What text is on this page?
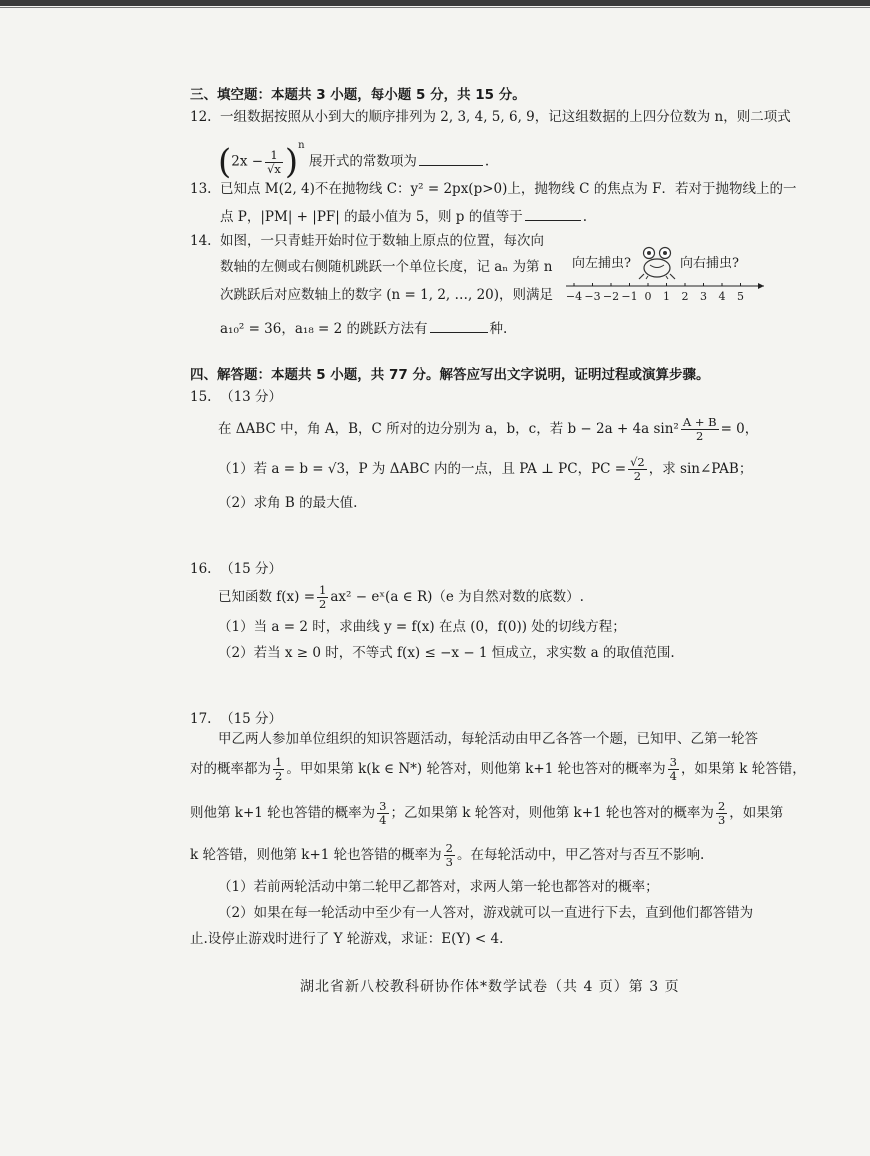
三、填空题：本题共 3 小题，每小题 5 分，共 15 分。
12. 一组数据按照从小到大的顺序排列为 2, 3, 4, 5, 6, 9，记这组数据的上四分位数为 n，则二项式
$(2x - \frac{1}{√x} )^n$ 展开式的常数项为	.
13. 已知点 M(2, 4)不在抛物线 C：y² = 2px(p>0)上，抛物线 C 的焦点为 F．若对于抛物线上的一
点 P，|PM| + |PF| 的最小值为 5，则 p 的值等于	.
14. 如图，一只青蛙开始时位于数轴上原点的位置，每次向
数轴的左侧或右侧随机跳跃一个单位长度，记 aₙ 为第 n
次跳跃后对应数轴上的数字 (n = 1, 2, …, 20)，则满足
a₁₀² = 36，a₁₈ = 2 的跳跃方法有	种.
向左捕虫?	向右捕虫?
−4 −3 −2 −1 0 1 2 3 4 5
四、解答题：本题共 5 小题，共 77 分。解答应写出文字说明，证明过程或演算步骤。
15. （13 分）
在 ΔABC 中，角 A，B，C 所对的边分别为 a，b，c，若 b − 2a + 4a $\sin^2 \frac{A + B}{2} = 0$，
（1）若 a = b = √3，P 为 ΔABC 内的一点，且 PA ⊥ PC，PC = $\frac{√2}{2}$ ，求 sin∠PAB；
（2）求角 B 的最大值.
16. （15 分）
已知函数 $f(x) = \frac{1}{2} ax^2$ − eˣ(a ∈ R)（e 为自然对数的底数）.
（1）当 a = 2 时，求曲线 y = f(x) 在点 (0，f(0)) 处的切线方程；
（2）若当 x ≥ 0 时，不等式 f(x) ≤ −x − 1 恒成立，求实数 a 的取值范围.
17. （15 分）
甲乙两人参加单位组织的知识答题活动，每轮活动由甲乙各答一个题，已知甲、乙第一轮答
对的概率都为 $\frac{1}{2}$ 。甲如果第 k(k ∈ N*) 轮答对，则他第 k+1 轮也答对的概率为 $\frac{3}{4}$ ，如果第 k 轮答错，
则他第 k+1 轮也答错的概率为 $\frac{3}{4}$ ；乙如果第 k 轮答对，则他第 k+1 轮也答对的概率为 $\frac{2}{3}$ ，如果第
k 轮答错，则他第 k+1 轮也答错的概率为 $\frac{2}{3}$ 。在每轮活动中，甲乙答对与否互不影响.
（1）若前两轮活动中第二轮甲乙都答对，求两人第一轮也都答对的概率；
（2）如果在每一轮活动中至少有一人答对，游戏就可以一直进行下去，直到他们都答错为
止.设停止游戏时进行了 Y 轮游戏，求证：E(Y) < 4.
湖北省新八校教科研协作体*数学试卷（共 4 页）第 3 页
